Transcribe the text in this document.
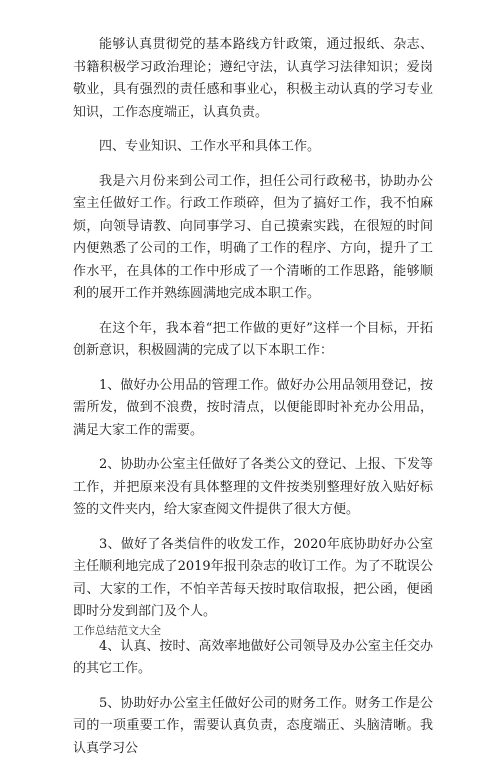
能够认真贯彻党的基本路线方针政策，通过报纸、杂志、书籍积极学习政治理论；遵纪守法，认真学习法律知识；爱岗敬业，具有强烈的责任感和事业心，积极主动认真的学习专业知识，工作态度端正，认真负责。

四、专业知识、工作水平和具体工作。

我是六月份来到公司工作，担任公司行政秘书，协助办公室主任做好工作。行政工作琐碎，但为了搞好工作，我不怕麻烦，向领导请教、向同事学习、自己摸索实践，在很短的时间内便熟悉了公司的工作，明确了工作的程序、方向，提升了工作水平，在具体的工作中形成了一个清晰的工作思路，能够顺利的展开工作并熟练圆满地完成本职工作。

在这个年，我本着“把工作做的更好”这样一个目标，开拓创新意识，积极圆满的完成了以下本职工作：

1、做好办公用品的管理工作。做好办公用品领用登记，按需所发，做到不浪费，按时清点，以便能即时补充办公用品，满足大家工作的需要。

2、协助办公室主任做好了各类公文的登记、上报、下发等工作，并把原来没有具体整理的文件按类别整理好放入贴好标签的文件夹内，给大家查阅文件提供了很大方便。

3、做好了各类信件的收发工作，2020年底协助好办公室主任顺利地完成了2019年报刊杂志的收订工作。为了不耽误公司、大家的工作，不怕辛苦每天按时取信取报，把公函，便函即时分发到部门及个人。

4、认真、按时、高效率地做好公司领导及办公室主任交办的其它工作。

5、协助好办公室主任做好公司的财务工作。财务工作是公司的一项重要工作，需要认真负责，态度端正、头脑清晰。我认真学习公

工作总结范文大全
